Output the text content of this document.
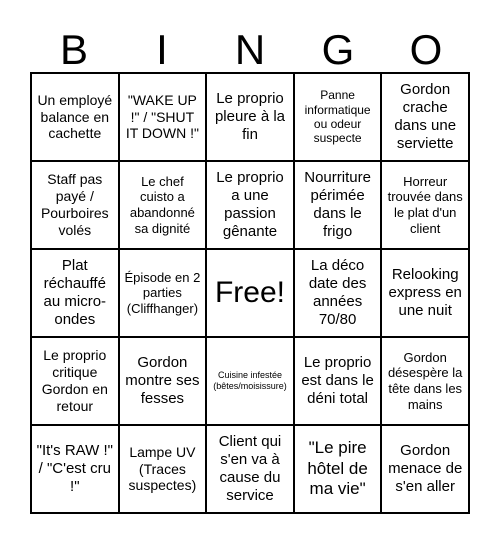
B	I	N	G	O
Un employé balance en cachette
"WAKE UP !" / "SHUT IT DOWN !"
Le proprio pleure à la fin
Panne informatique ou odeur suspecte
Gordon crache dans une serviette
Staff pas payé / Pourboires volés
Le chef cuisto a abandonné sa dignité
Le proprio a une passion gênante
Nourriture périmée dans le frigo
Horreur trouvée dans le plat d'un client
Plat réchauffé au micro-ondes
Épisode en 2 parties (Cliffhanger) Free!
La déco date des années 70/80
Relooking express en une nuit
Le proprio critique Gordon en retour
Gordon montre ses fesses
Cuisine infestée (bêtes/moisissure)
Le proprio est dans le déni total
Gordon désespère la tête dans les mains
"It's RAW !" / "C'est cru !"
Lampe UV (Traces suspectes)
Client qui s'en va à cause du service
"Le pire hôtel de ma vie"
Gordon menace de s'en aller
